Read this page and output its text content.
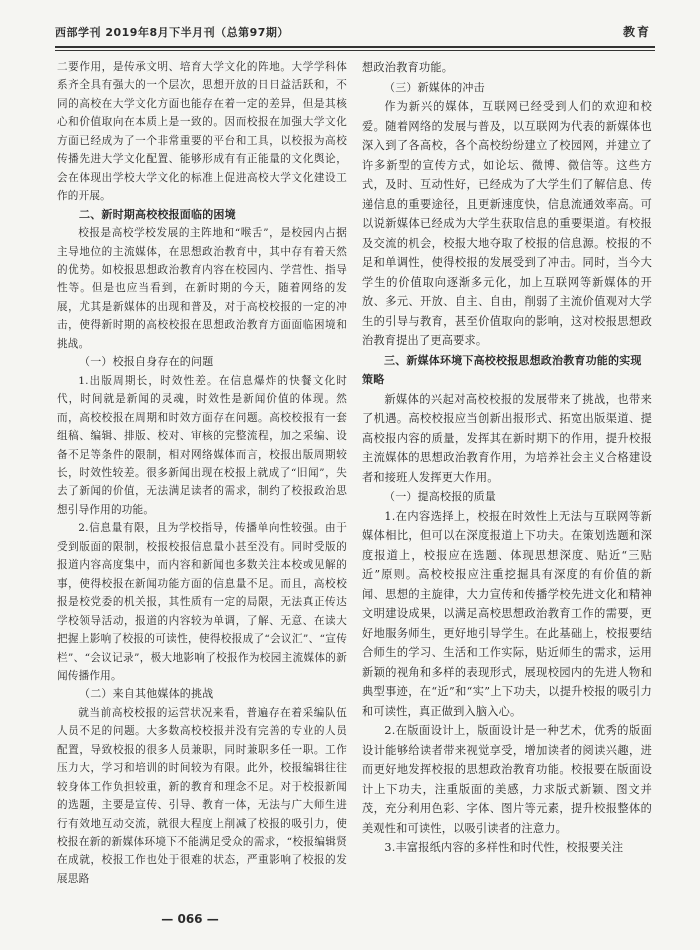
西部学刊 2019年8月下半月刊（总第97期）	教育

二要作用，是传承文明、培育大学文化的阵地。大学学科体系齐全具有强大的一个层次，思想开放的日日益活跃和，不同的高校在大学文化方面也能存在着一定的差异，但是其核心和价值取向在本质上是一致的。因而校报在加强大学文化方面已经成为了一个非常重要的平台和工具，以校报为高校传播先进大学文化配置、能够形成有有正能量的文化舆论，会在体现出学校大学文化的标准上促进高校大学文化建设工作的开展。

二、新时期高校校报面临的困境

校报是高校学校发展的主阵地和“喉舌”，是校园内占据主导地位的主流媒体，在思想政治教育中，其中存有着天然的优势。如校报思想政治教育内容在校园内、学营性、指导性等。但是也应当看到，在新时期的今天，随着网络的发展，尤其是新媒体的出现和普及，对于高校校报的一定的冲击，使得新时期的高校校报在思想政治教育方面面临困境和挑战。

（一）校报自身存在的问题

1.出版周期长，时效性差。在信息爆炸的快餐文化时代，时间就是新闻的灵魂，时效性是新闻价值的体现。然而，高校校报在周期和时效方面存在问题。高校校报有一套组稿、编辑、排版、校对、审核的完整流程，加之采编、设备不足等条件的限制，相对网络媒体而言，校报出版周期较长，时效性较差。很多新闻出现在校报上就成了“旧闻”，失去了新闻的价值，无法满足读者的需求，制约了校报政治思想引导作用的功能。

2.信息量有限，且为学校指导，传播单向性较强。由于受到版面的限制，校报校报信息量小甚至没有。同时受版的报道内容高度集中，而内容和新闻也多数关注本校或见解的事，使得校报在新闻功能方面的信息量不足。而且，高校校报是校党委的机关报，其性质有一定的局限，无法真正传达学校领导活动，报道的内容较为单调，了解、无意、在读大把握上影响了校报的可读性，使得校报成了“会议汇”、“宣传栏”、“会议记录”，极大地影响了校报作为校园主流媒体的新闻传播作用。

（二）来自其他媒体的挑战

就当前高校校报的运营状况来看，普遍存在着采编队伍人员不足的问题。大多数高校校报并没有完善的专业的人员配置，导致校报的很多人员兼职，同时兼职多任一职。工作压力大，学习和培训的时间较为有限。此外，校报编辑往往较身体工作负担较重，新的教育和理念不足。对于校报新闻的选题，主要是宣传、引导、教育一体，无法与广大师生进行有效地互动交流，就很大程度上削减了校报的吸引力，使校报在新的新媒体环境下不能满足受众的需求，“校报编辑贤在成就，校报工作也处于很难的状态，严重影响了校报的发展思路

想政治教育功能。

（三）新媒体的冲击

作为新兴的媒体，互联网已经受到人们的欢迎和校爱。随着网络的发展与普及，以互联网为代表的新媒体也深入到了各高校，各个高校纷纷建立了校园网，并建立了许多新型的宣传方式，如论坛、微博、微信等。这些方式，及时、互动性好，已经成为了大学生们了解信息、传递信息的重要途径，且更新速度快，信息流通效率高。可以说新媒体已经成为大学生获取信息的重要渠道。有校报及交流的机会，校报大地夺取了校报的信息源。校报的不足和单调性，使得校报的发展受到了冲击。同时，当今大学生的价值取向逐渐多元化，加上互联网等新媒体的开放、多元、开放、自主、自由，削弱了主流价值观对大学生的引导与教育，甚至价值取向的影响，这对校报思想政治教育提出了更高要求。

三、新媒体环境下高校校报思想政治教育功能的实现策略

新媒体的兴起对高校校报的发展带来了挑战，也带来了机遇。高校校报应当创新出报形式、拓宽出版渠道、提高校报内容的质量，发挥其在新时期下的作用，提升校报主流媒体的思想政治教育作用，为培养社会主义合格建设者和接班人发挥更大作用。

（一）提高校报的质量

1.在内容选择上，校报在时效性上无法与互联网等新媒体相比，但可以在深度报道上下功夫。在策划选题和深度报道上，校报应在选题、体现思想深度、贴近“三贴近”原则。高校校报应注重挖掘具有深度的有价值的新闻、思想的主旋律，大力宣传和传播学校先进文化和精神文明建设成果，以满足高校思想政治教育工作的需要，更好地服务师生，更好地引导学生。在此基础上，校报要结合师生的学习、生活和工作实际，贴近师生的需求，运用新颖的视角和多样的表现形式，展现校园内的先进人物和典型事迹，在“近”和“实”上下功夫，以提升校报的吸引力和可读性，真正做到入脑入心。

2.在版面设计上，版面设计是一种艺术，优秀的版面设计能够给读者带来视觉享受，增加读者的阅读兴趣，进而更好地发挥校报的思想政治教育功能。校报要在版面设计上下功夫，注重版面的美感，力求版式新颖、图文并茂，充分利用色彩、字体、图片等元素，提升校报整体的美观性和可读性，以吸引读者的注意力。

3.丰富报纸内容的多样性和时代性，校报要关注

— 066 —
